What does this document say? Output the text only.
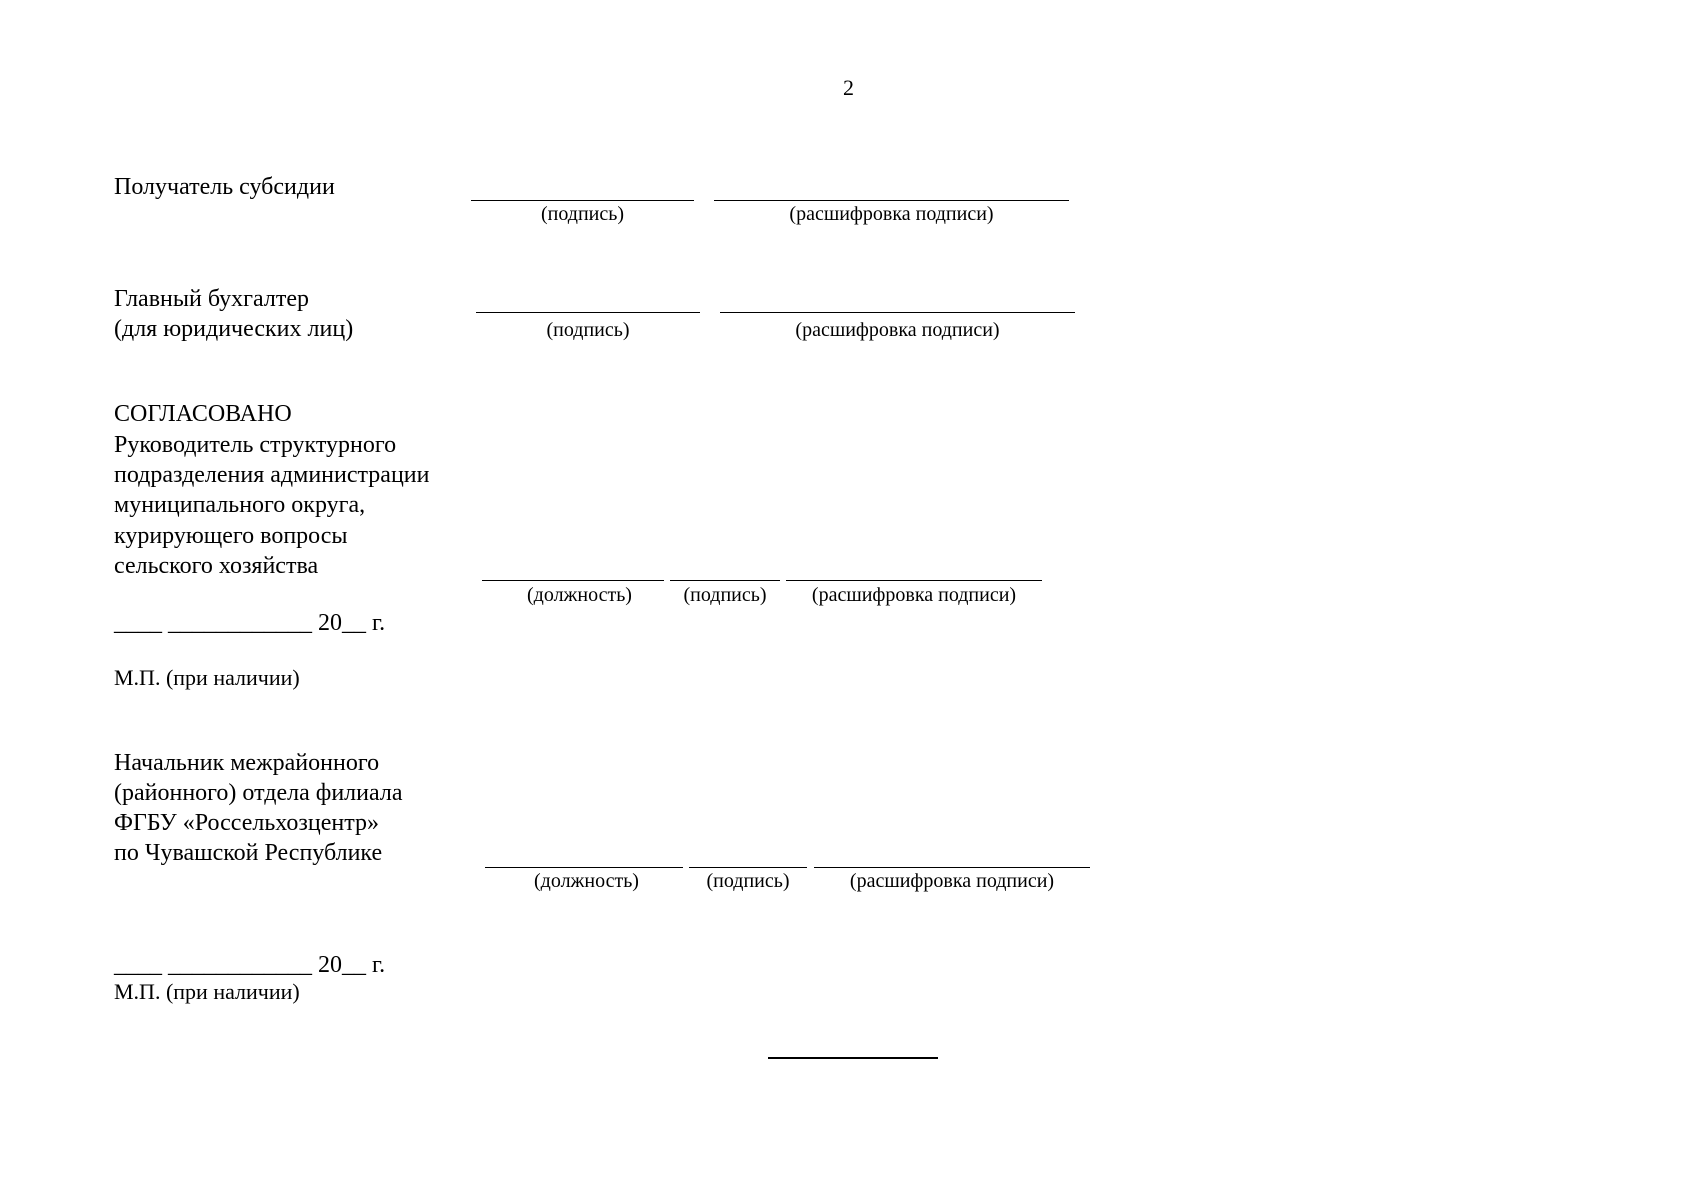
2
Получатель субсидии
(подпись)	(расшифровка подписи)
Главный бухгалтер
(для юридических лиц)	(подпись)	(расшифровка подписи)
СОГЛАСОВАНО
Руководитель структурного
подразделения администрации
муниципального округа,
курирующего вопросы
сельского хозяйства
(должность)	(подпись)	(расшифровка подписи)
____ ____________ 20__ г.
М.П. (при наличии)
Начальник межрайонного
(районного) отдела филиала
ФГБУ «Россельхозцентр»
по Чувашской Республике
(должность)	(подпись)	(расшифровка подписи)
____ ____________ 20__ г.
М.П. (при наличии)
